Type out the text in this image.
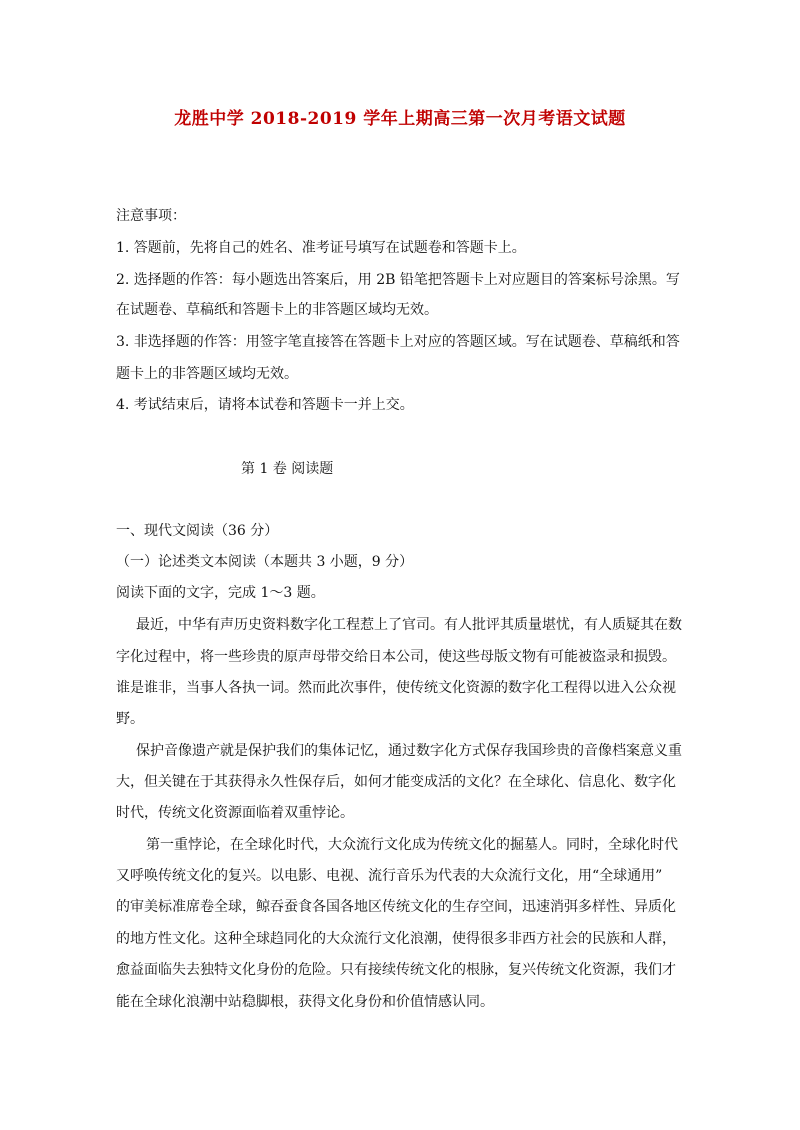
龙胜中学 2018-2019 学年上期高三第一次月考语文试题
注意事项：
1. 答题前，先将自己的姓名、准考证号填写在试题卷和答题卡上。
2. 选择题的作答：每小题选出答案后，用 2B 铅笔把答题卡上对应题目的答案标号涂黑。写
在试题卷、草稿纸和答题卡上的非答题区域均无效。
3. 非选择题的作答：用签字笔直接答在答题卡上对应的答题区域。写在试题卷、草稿纸和答
题卡上的非答题区域均无效。
4. 考试结束后，请将本试卷和答题卡一并上交。
第 1 卷 阅读题
一、现代文阅读（36 分）
（一）论述类文本阅读（本题共 3 小题，9 分）
阅读下面的文字，完成 1～3 题。
最近，中华有声历史资料数字化工程惹上了官司。有人批评其质量堪忧，有人质疑其在数
字化过程中，将一些珍贵的原声母带交给日本公司，使这些母版文物有可能被盗录和损毁。
谁是谁非，当事人各执一词。然而此次事件，使传统文化资源的数字化工程得以进入公众视
野。
保护音像遗产就是保护我们的集体记忆，通过数字化方式保存我国珍贵的音像档案意义重
大，但关键在于其获得永久性保存后，如何才能变成活的文化？在全球化、信息化、数字化
时代，传统文化资源面临着双重悖论。
第一重悖论，在全球化时代，大众流行文化成为传统文化的掘墓人。同时，全球化时代
又呼唤传统文化的复兴。以电影、电视、流行音乐为代表的大众流行文化，用“全球通用”
的审美标准席卷全球，鲸吞蚕食各国各地区传统文化的生存空间，迅速消弭多样性、异质化
的地方性文化。这种全球趋同化的大众流行文化浪潮，使得很多非西方社会的民族和人群，
愈益面临失去独特文化身份的危险。只有接续传统文化的根脉，复兴传统文化资源，我们才
能在全球化浪潮中站稳脚根，获得文化身份和价值情感认同。
